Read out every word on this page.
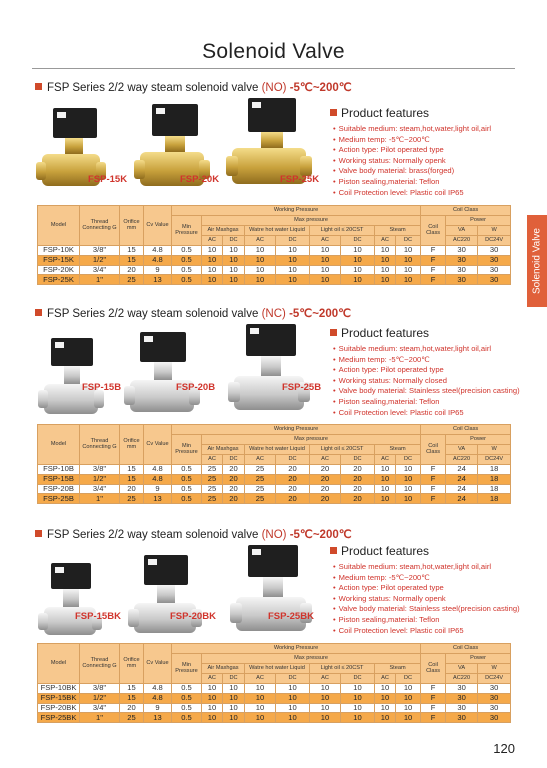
Solenoid Valve
Solenoid Valve
FSP Series 2/2 way steam solenoid valve (NO) -5℃~200℃
FSP-15K	FSP-20K	FSP-25K
Product features
• Suitable medium: steam,hot,water,light oil,airl
• Medium temp: -5℃~200℃
• Action type: Pilot operated type
• Working status: Normally openk
• Valve body material: brass(forged)
• Piston sealing,material: Teflon
• Coil Protection level: Plastic coil IP65
Model	Thread Connecting G	Orifice mm	Cv Value	Working Pressure									Coil Class		
				Min Pressure	Max pressure								Coil Class	Power	
					Air Maxhgas		Watre hot water Liquid		Light oil ≤ 20CST		Steam			VA	W
					AC	DC	AC	DC	AC	DC	AC	DC		AC220	DC24V
FSP-10K	3/8"	15	4.8	0.5	10	10	10	10	10	10	10	10	F	30	30
FSP-15K	1/2"	15	4.8	0.5	10	10	10	10	10	10	10	10	F	30	30
FSP-20K	3/4"	20	9	0.5	10	10	10	10	10	10	10	10	F	30	30
FSP-25K	1"	25	13	0.5	10	10	10	10	10	10	10	10	F	30	30
FSP Series 2/2 way steam solenoid valve (NC) -5℃~200℃
FSP-15B	FSP-20B	FSP-25B
Product features
• Suitable medium: steam,hot,water,light oil,airl
• Medium temp: -5℃~200℃
• Action type: Pilot operated type
• Working status: Normally closed
• Valve body material: Stainless steel(precision casting)
• Piston sealing,material: Teflon
• Coil Protection level: Plastic coil IP65
Model	Thread Connecting G	Orifice mm	Cv Value	Working Pressure									Coil Class		
				Min Pressure	Max pressure								Coil Class	Power	
					Air Maxhgas		Watre hot water Liquid		Light oil ≤ 20CST		Steam			VA	W
					AC	DC	AC	DC	AC	DC	AC	DC		AC220	DC24V
FSP-10B	3/8"	15	4.8	0.5	25	20	25	20	20	20	10	10	F	24	18
FSP-15B	1/2"	15	4.8	0.5	25	20	25	20	20	20	10	10	F	24	18
FSP-20B	3/4"	20	9	0.5	25	20	25	20	20	20	10	10	F	24	18
FSP-25B	1"	25	13	0.5	25	20	25	20	20	20	10	10	F	24	18
FSP Series 2/2 way steam solenoid valve (NO) -5℃~200℃
FSP-15BK	FSP-20BK	FSP-25BK
Product features
• Suitable medium: steam,hot,water,light oil,airl
• Medium temp: -5℃~200℃
• Action type: Pilot operated type
• Working status: Normally openk
• Valve body material: Stainless steel(precision casting)
• Piston sealing,material: Teflon
• Coil Protection level: Plastic coil IP65
Model	Thread Connecting G	Orifice mm	Cv Value	Working Pressure									Coil Class		
				Min Pressure	Max pressure								Coil Class	Power	
					Air Maxhgas		Watre hot water Liquid		Light oil ≤ 20CST		Steam			VA	W
					AC	DC	AC	DC	AC	DC	AC	DC		AC220	DC24V
FSP-10BK	3/8"	15	4.8	0.5	10	10	10	10	10	10	10	10	F	30	30
FSP-15BK	1/2"	15	4.8	0.5	10	10	10	10	10	10	10	10	F	30	30
FSP-20BK	3/4"	20	9	0.5	10	10	10	10	10	10	10	10	F	30	30
FSP-25BK	1"	25	13	0.5	10	10	10	10	10	10	10	10	F	30	30
120
